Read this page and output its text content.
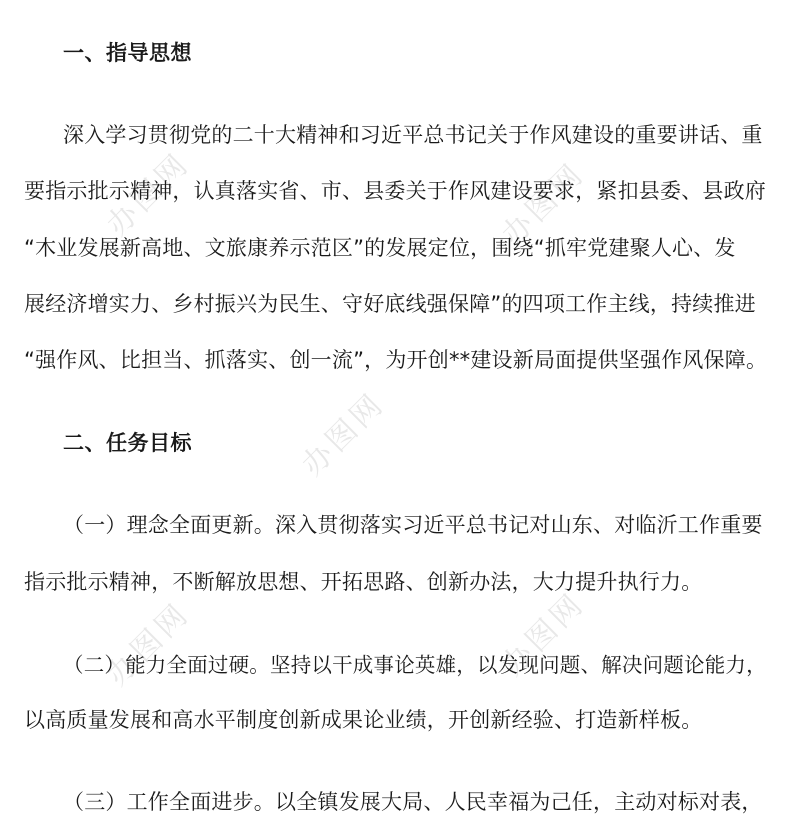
办图网	办图网
办图网
办图网	办图网
一、指导思想
深入学习贯彻党的二十大精神和习近平总书记关于作风建设的重要讲话、重
要指示批示精神，认真落实省、市、县委关于作风建设要求，紧扣县委、县政府
“木业发展新高地、文旅康养示范区”的发展定位，围绕“抓牢党建聚人心、发
展经济增实力、乡村振兴为民生、守好底线强保障”的四项工作主线，持续推进
“强作风、比担当、抓落实、创一流”，为开创**建设新局面提供坚强作风保障。
二、任务目标
（一）理念全面更新。深入贯彻落实习近平总书记对山东、对临沂工作重要
指示批示精神，不断解放思想、开拓思路、创新办法，大力提升执行力。
（二）能力全面过硬。坚持以干成事论英雄，以发现问题、解决问题论能力，
以高质量发展和高水平制度创新成果论业绩，开创新经验、打造新样板。
（三）工作全面进步。以全镇发展大局、人民幸福为己任，主动对标对表，
